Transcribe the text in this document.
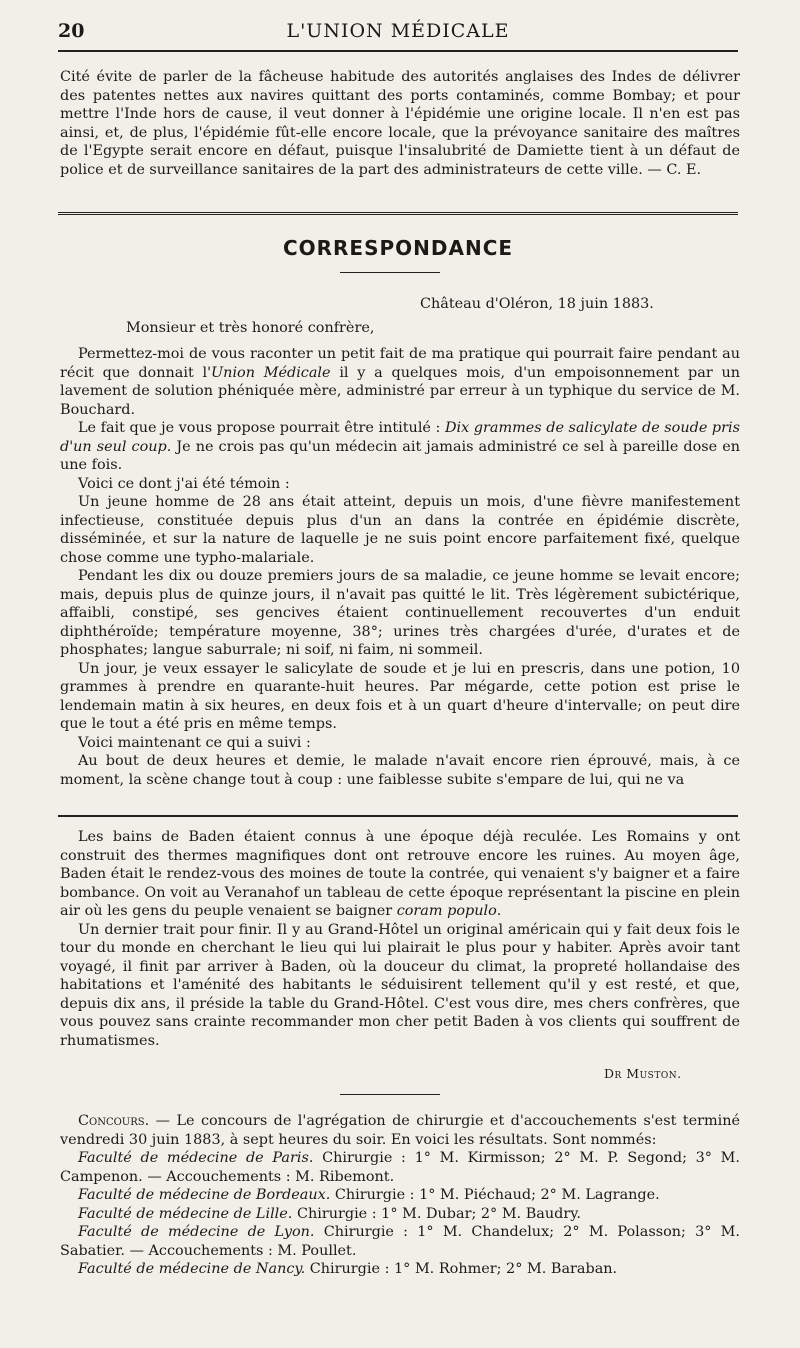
20	L'UNION MÉDICALE

Cité évite de parler de la fâcheuse habitude des autorités anglaises des Indes de délivrer des patentes nettes aux navires quittant des ports contaminés, comme Bombay; et pour mettre l'Inde hors de cause, il veut donner à l'épidémie une origine locale. Il n'en est pas ainsi, et, de plus, l'épidémie fût-elle encore locale, que la prévoyance sanitaire des maîtres de l'Egypte serait encore en défaut, puisque l'insalubrité de Damiette tient à un défaut de police et de surveillance sanitaires de la part des administrateurs de cette ville. — C. E.

CORRESPONDANCE
Château d'Oléron, 18 juin 1883.
Monsieur et très honoré confrère,

Permettez-moi de vous raconter un petit fait de ma pratique qui pourrait faire pendant au récit que donnait l'Union Médicale il y a quelques mois, d'un empoisonnement par un lavement de solution phéniquée mère, administré par erreur à un typhique du service de M. Bouchard.

Le fait que je vous propose pourrait être intitulé : Dix grammes de salicylate de soude pris d'un seul coup. Je ne crois pas qu'un médecin ait jamais administré ce sel à pareille dose en une fois.

Voici ce dont j'ai été témoin :

Un jeune homme de 28 ans était atteint, depuis un mois, d'une fièvre manifestement infectieuse, constituée depuis plus d'un an dans la contrée en épidémie discrète, disséminée, et sur la nature de laquelle je ne suis point encore parfaitement fixé, quelque chose comme une typho-malariale.

Pendant les dix ou douze premiers jours de sa maladie, ce jeune homme se levait encore; mais, depuis plus de quinze jours, il n'avait pas quitté le lit. Très légèrement subictérique, affaibli, constipé, ses gencives étaient continuellement recouvertes d'un enduit diphthéroïde; température moyenne, 38°; urines très chargées d'urée, d'urates et de phosphates; langue saburrale; ni soif, ni faim, ni sommeil.

Un jour, je veux essayer le salicylate de soude et je lui en prescris, dans une potion, 10 grammes à prendre en quarante-huit heures. Par mégarde, cette potion est prise le lendemain matin à six heures, en deux fois et à un quart d'heure d'intervalle; on peut dire que le tout a été pris en même temps.

Voici maintenant ce qui a suivi :

Au bout de deux heures et demie, le malade n'avait encore rien éprouvé, mais, à ce moment, la scène change tout à coup : une faiblesse subite s'empare de lui, qui ne va

Les bains de Baden étaient connus à une époque déjà reculée. Les Romains y ont construit des thermes magnifiques dont ont retrouve encore les ruines. Au moyen âge, Baden était le rendez-vous des moines de toute la contrée, qui venaient s'y baigner et a faire bombance. On voit au Veranahof un tableau de cette époque représentant la piscine en plein air où les gens du peuple venaient se baigner coram populo.

Un dernier trait pour finir. Il y au Grand-Hôtel un original américain qui y fait deux fois le tour du monde en cherchant le lieu qui lui plairait le plus pour y habiter. Après avoir tant voyagé, il finit par arriver à Baden, où la douceur du climat, la propreté hollandaise des habitations et l'aménité des habitants le séduisirent tellement qu'il y est resté, et que, depuis dix ans, il préside la table du Grand-Hôtel. C'est vous dire, mes chers confrères, que vous pouvez sans crainte recommander mon cher petit Baden à vos clients qui souffrent de rhumatismes.

Dr Muston.

Concours. — Le concours de l'agrégation de chirurgie et d'accouchements s'est terminé vendredi 30 juin 1883, à sept heures du soir. En voici les résultats. Sont nommés:

Faculté de médecine de Paris. Chirurgie : 1° M. Kirmisson; 2° M. P. Segond; 3° M. Campenon. — Accouchements : M. Ribemont.

Faculté de médecine de Bordeaux. Chirurgie : 1° M. Piéchaud; 2° M. Lagrange.

Faculté de médecine de Lille. Chirurgie : 1° M. Dubar; 2° M. Baudry.

Faculté de médecine de Lyon. Chirurgie : 1° M. Chandelux; 2° M. Polasson; 3° M. Sabatier. — Accouchements : M. Poullet.

Faculté de médecine de Nancy. Chirurgie : 1° M. Rohmer; 2° M. Baraban.
